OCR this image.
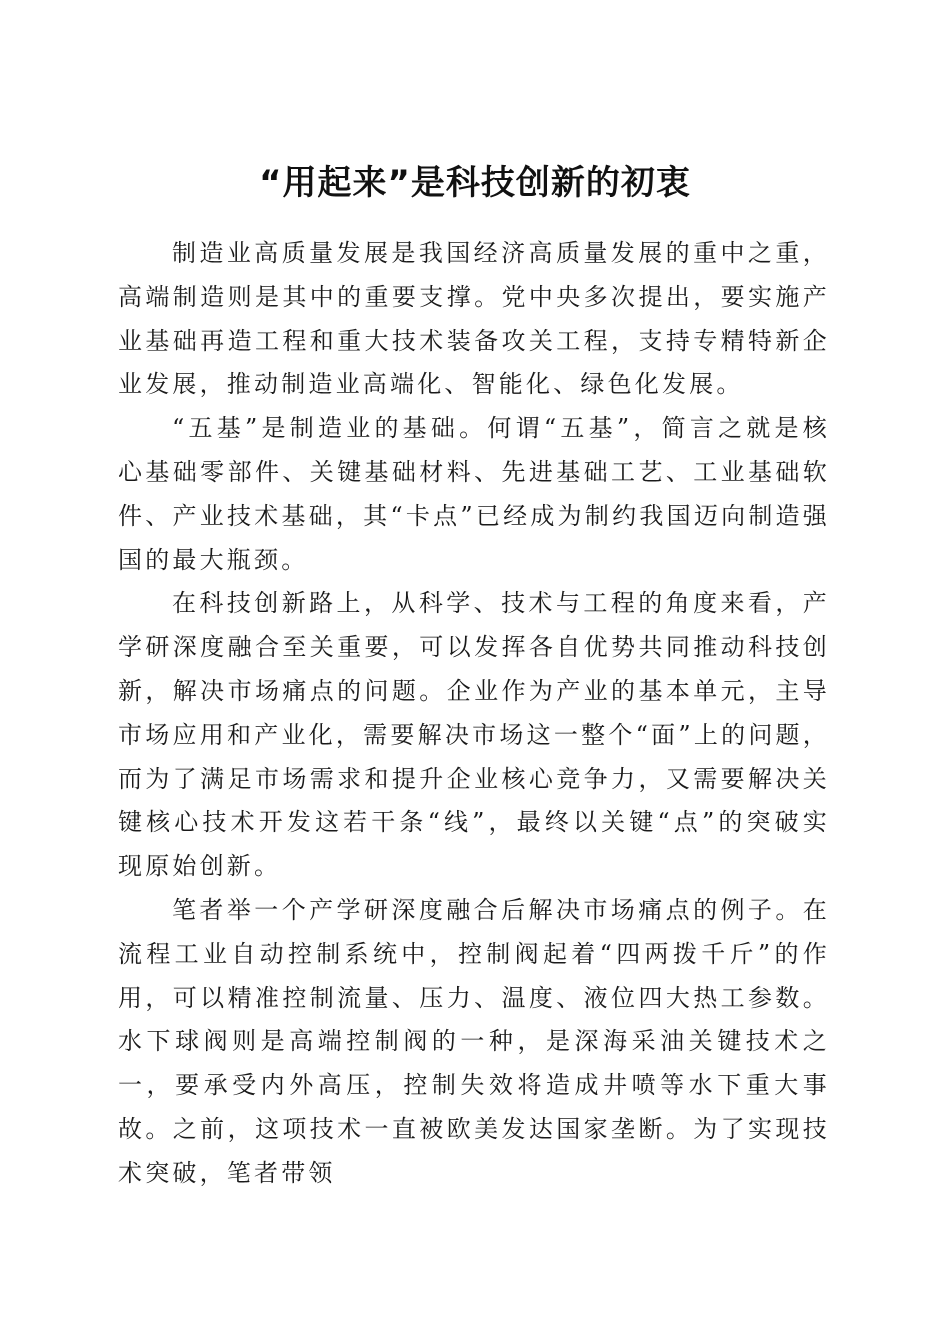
“用起来”是科技创新的初衷

制造业高质量发展是我国经济高质量发展的重中之重，高端制造则是其中的重要支撑。党中央多次提出，要实施产业基础再造工程和重大技术装备攻关工程，支持专精特新企业发展，推动制造业高端化、智能化、绿色化发展。

“五基”是制造业的基础。何谓“五基”，简言之就是核心基础零部件、关键基础材料、先进基础工艺、工业基础软件、产业技术基础，其“卡点”已经成为制约我国迈向制造强国的最大瓶颈。

在科技创新路上，从科学、技术与工程的角度来看，产学研深度融合至关重要，可以发挥各自优势共同推动科技创新，解决市场痛点的问题。企业作为产业的基本单元，主导市场应用和产业化，需要解决市场这一整个“面”上的问题，而为了满足市场需求和提升企业核心竞争力，又需要解决关键核心技术开发这若干条“线”，最终以关键“点”的突破实现原始创新。

笔者举一个产学研深度融合后解决市场痛点的例子。在流程工业自动控制系统中，控制阀起着“四两拨千斤”的作用，可以精准控制流量、压力、温度、液位四大热工参数。水下球阀则是高端控制阀的一种，是深海采油关键技术之一，要承受内外高压，控制失效将造成井喷等水下重大事故。之前，这项技术一直被欧美发达国家垄断。为了实现技术突破，笔者带领
